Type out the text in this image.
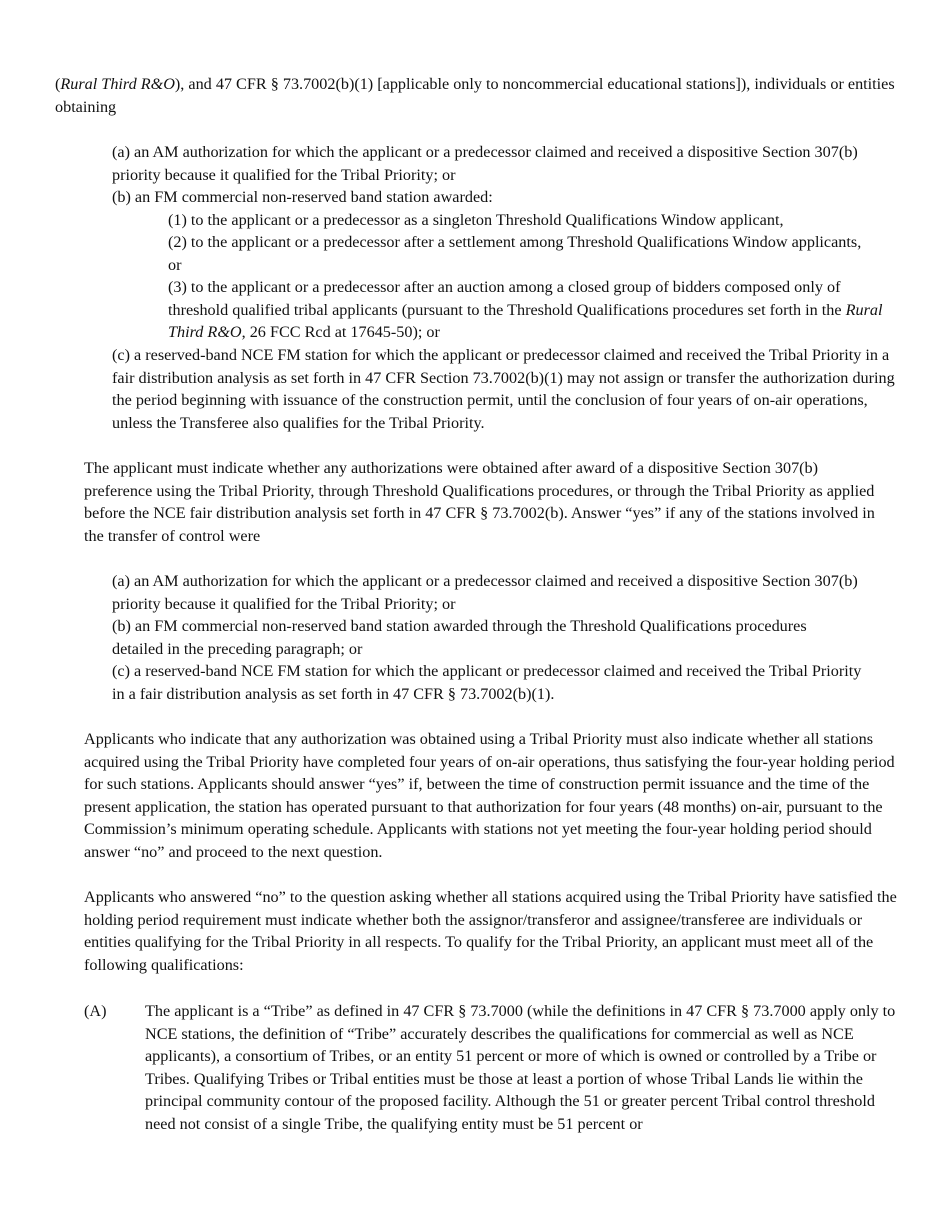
(Rural Third R&O), and 47 CFR § 73.7002(b)(1) [applicable only to noncommercial educational stations]), individuals or entities obtaining

(a) an AM authorization for which the applicant or a predecessor claimed and received a dispositive Section 307(b) priority because it qualified for the Tribal Priority; or

(b) an FM commercial non-reserved band station awarded:

(1) to the applicant or a predecessor as a singleton Threshold Qualifications Window applicant,

(2) to the applicant or a predecessor after a settlement among Threshold Qualifications Window applicants, or

(3) to the applicant or a predecessor after an auction among a closed group of bidders composed only of threshold qualified tribal applicants (pursuant to the Threshold Qualifications procedures set forth in the Rural Third R&O, 26 FCC Rcd at 17645-50); or

(c) a reserved-band NCE FM station for which the applicant or predecessor claimed and received the Tribal Priority in a fair distribution analysis as set forth in 47 CFR Section 73.7002(b)(1) may not assign or transfer the authorization during the period beginning with issuance of the construction permit, until the conclusion of four years of on-air operations, unless the Transferee also qualifies for the Tribal Priority.

The applicant must indicate whether any authorizations were obtained after award of a dispositive Section 307(b) preference using the Tribal Priority, through Threshold Qualifications procedures, or through the Tribal Priority as applied before the NCE fair distribution analysis set forth in 47 CFR § 73.7002(b). Answer “yes” if any of the stations involved in the transfer of control were

(a) an AM authorization for which the applicant or a predecessor claimed and received a dispositive Section 307(b) priority because it qualified for the Tribal Priority; or

(b) an FM commercial non-reserved band station awarded through the Threshold Qualifications procedures detailed in the preceding paragraph; or

(c) a reserved-band NCE FM station for which the applicant or predecessor claimed and received the Tribal Priority in a fair distribution analysis as set forth in 47 CFR § 73.7002(b)(1).

Applicants who indicate that any authorization was obtained using a Tribal Priority must also indicate whether all stations acquired using the Tribal Priority have completed four years of on-air operations, thus satisfying the four-year holding period for such stations. Applicants should answer “yes” if, between the time of construction permit issuance and the time of the present application, the station has operated pursuant to that authorization for four years (48 months) on-air, pursuant to the Commission’s minimum operating schedule. Applicants with stations not yet meeting the four-year holding period should answer “no” and proceed to the next question.

Applicants who answered “no” to the question asking whether all stations acquired using the Tribal Priority have satisfied the holding period requirement must indicate whether both the assignor/transferor and assignee/transferee are individuals or entities qualifying for the Tribal Priority in all respects. To qualify for the Tribal Priority, an applicant must meet all of the following qualifications:

(A) The applicant is a “Tribe” as defined in 47 CFR § 73.7000 (while the definitions in 47 CFR § 73.7000 apply only to NCE stations, the definition of “Tribe” accurately describes the qualifications for commercial as well as NCE applicants), a consortium of Tribes, or an entity 51 percent or more of which is owned or controlled by a Tribe or Tribes. Qualifying Tribes or Tribal entities must be those at least a portion of whose Tribal Lands lie within the principal community contour of the proposed facility. Although the 51 or greater percent Tribal control threshold need not consist of a single Tribe, the qualifying entity must be 51 percent or
